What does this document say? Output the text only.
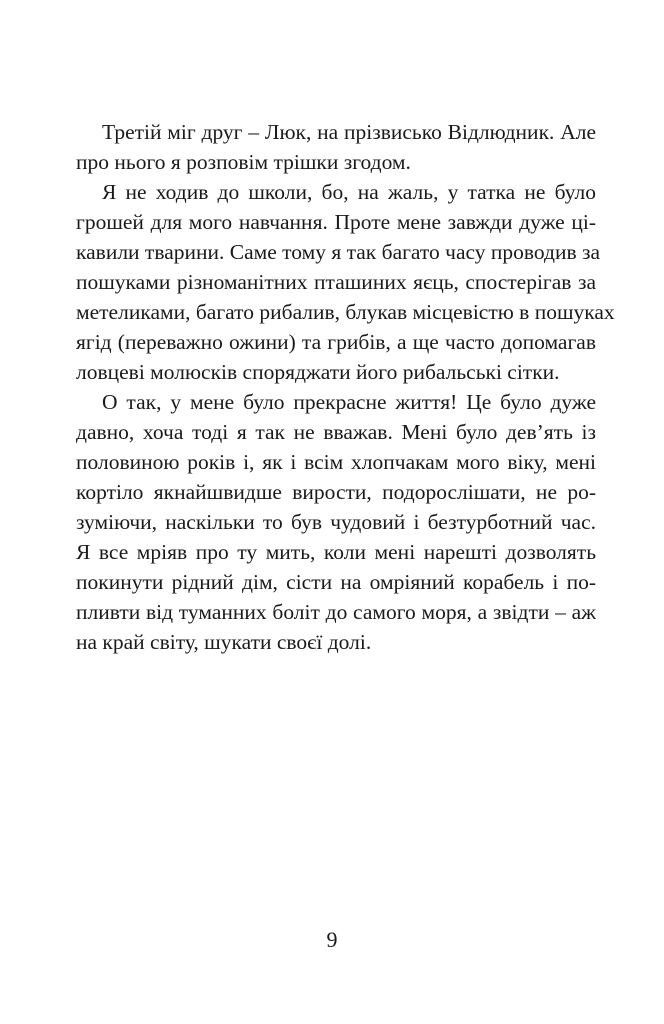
Третій міг друг – Люк, на прізвисько Відлюдник. Але
про нього я розповім трішки згодом.
Я не ходив до школи, бо, на жаль, у татка не було
грошей для мого навчання. Проте мене завжди дуже ці-
кавили тварини. Саме тому я так багато часу проводив за
пошуками різноманітних пташиних яєць, спостерігав за
метеликами, багато рибалив, блукав місцевістю в пошуках
ягід (переважно ожини) та грибів, а ще часто допомагав
ловцеві молюсків споряджати його рибальські сітки.
О так, у мене було прекрасне життя! Це було дуже
давно, хоча тоді я так не вважав. Мені було дев’ять із
половиною років і, як і всім хлопчакам мого віку, мені
кортіло якнайшвидше вирости, подорослішати, не ро-
зуміючи, наскільки то був чудовий і безтурботний час.
Я все мріяв про ту мить, коли мені нарешті дозволять
покинути рідний дім, сісти на омріяний корабель і по-
пливти від туманних боліт до самого моря, а звідти – аж
на край світу, шукати своєї долі.
9
